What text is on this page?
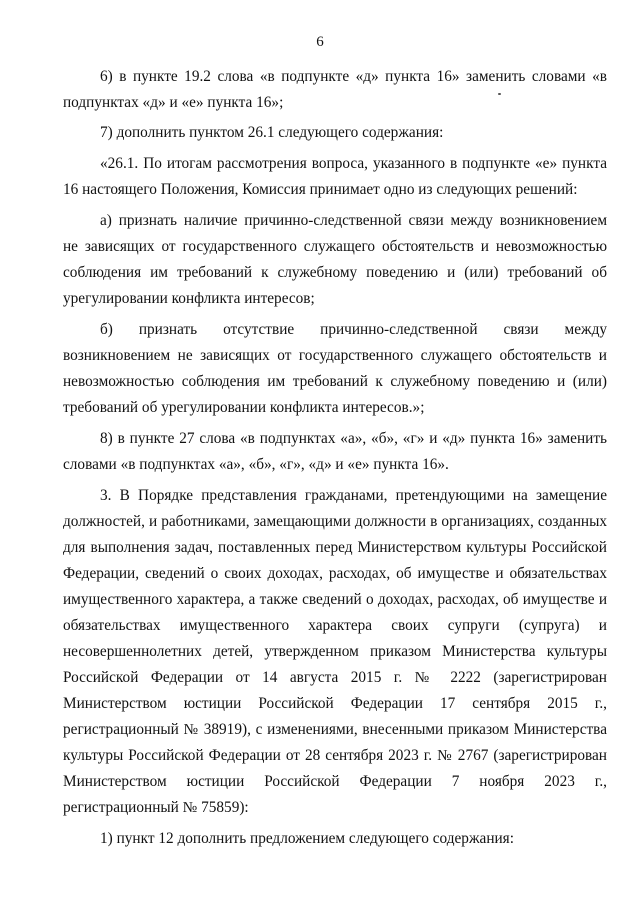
6

6) в пункте 19.2 слова «в подпункте «д» пункта 16» заменить словами «в подпунктах «д» и «е» пункта 16»;

7) дополнить пунктом 26.1 следующего содержания:

«26.1. По итогам рассмотрения вопроса, указанного в подпункте «е» пункта 16 настоящего Положения, Комиссия принимает одно из следующих решений:

а) признать наличие причинно-следственной связи между возникновением не зависящих от государственного служащего обстоятельств и невозможностью соблюдения им требований к служебному поведению и (или) требований об урегулировании конфликта интересов;

б) признать отсутствие причинно-следственной связи между возникновением не зависящих от государственного служащего обстоятельств и невозможностью соблюдения им требований к служебному поведению и (или) требований об урегулировании конфликта интересов.»;

8) в пункте 27 слова «в подпунктах «а», «б», «г» и «д» пункта 16» заменить словами «в подпунктах «а», «б», «г», «д» и «е» пункта 16».

3. В Порядке представления гражданами, претендующими на замещение должностей, и работниками, замещающими должности в организациях, созданных для выполнения задач, поставленных перед Министерством культуры Российской Федерации, сведений о своих доходах, расходах, об имуществе и обязательствах имущественного характера, а также сведений о доходах, расходах, об имуществе и обязательствах имущественного характера своих супруги (супруга) и несовершеннолетних детей, утвержденном приказом Министерства культуры Российской Федерации от 14 августа 2015 г. № 2222 (зарегистрирован Министерством юстиции Российской Федерации 17 сентября 2015 г., регистрационный № 38919), с изменениями, внесенными приказом Министерства культуры Российской Федерации от 28 сентября 2023 г. № 2767 (зарегистрирован Министерством юстиции Российской Федерации 7 ноября 2023 г., регистрационный № 75859):

1) пункт 12 дополнить предложением следующего содержания:
